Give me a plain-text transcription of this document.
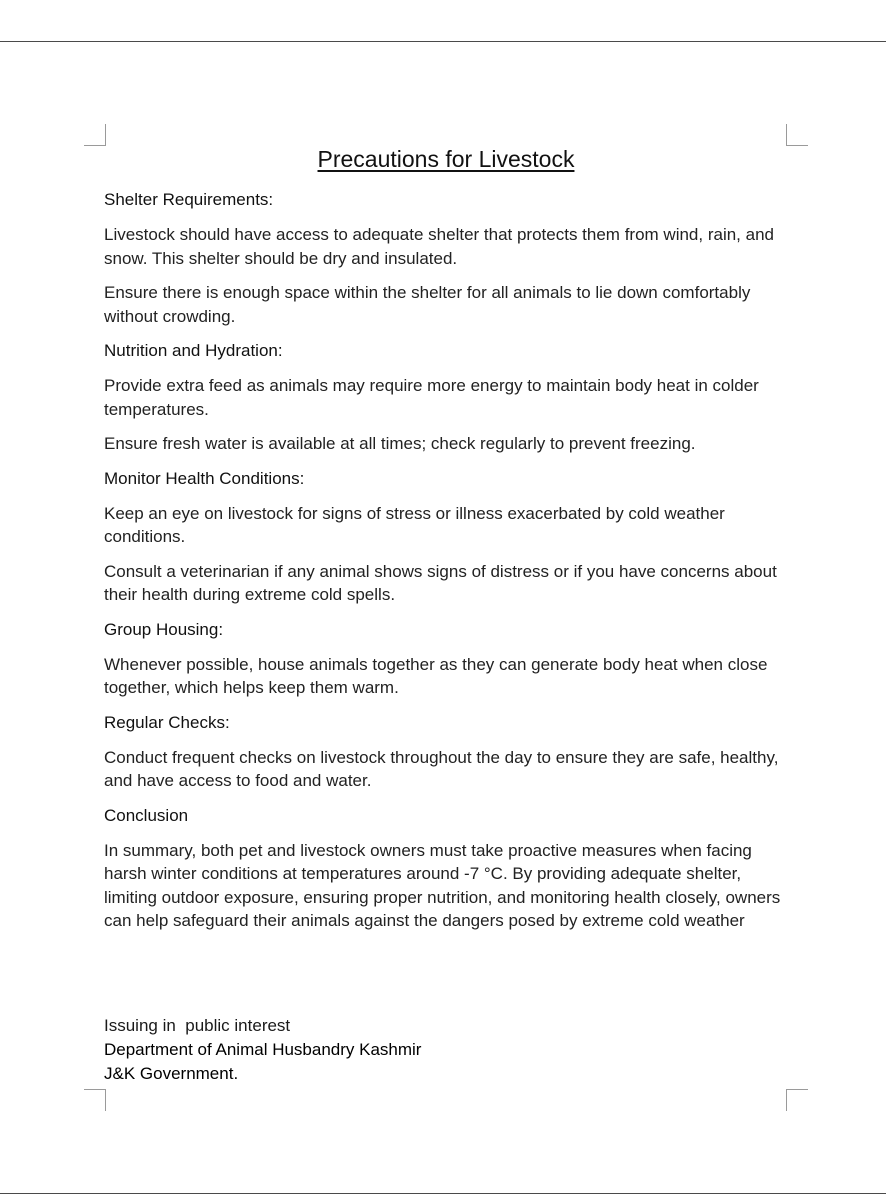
Precautions for Livestock
Shelter Requirements:

Livestock should have access to adequate shelter that protects them from wind, rain, and snow. This shelter should be dry and insulated.

Ensure there is enough space within the shelter for all animals to lie down comfortably without crowding.

Nutrition and Hydration:

Provide extra feed as animals may require more energy to maintain body heat in colder temperatures.

Ensure fresh water is available at all times; check regularly to prevent freezing.

Monitor Health Conditions:

Keep an eye on livestock for signs of stress or illness exacerbated by cold weather conditions.

Consult a veterinarian if any animal shows signs of distress or if you have concerns about their health during extreme cold spells.

Group Housing:

Whenever possible, house animals together as they can generate body heat when close together, which helps keep them warm.

Regular Checks:

Conduct frequent checks on livestock throughout the day to ensure they are safe, healthy, and have access to food and water.

Conclusion

In summary, both pet and livestock owners must take proactive measures when facing harsh winter conditions at temperatures around -7 °C. By providing adequate shelter, limiting outdoor exposure, ensuring proper nutrition, and monitoring health closely, owners can help safeguard their animals against the dangers posed by extreme cold weather

Issuing in  public interest
Department of Animal Husbandry Kashmir
J&K Government.
